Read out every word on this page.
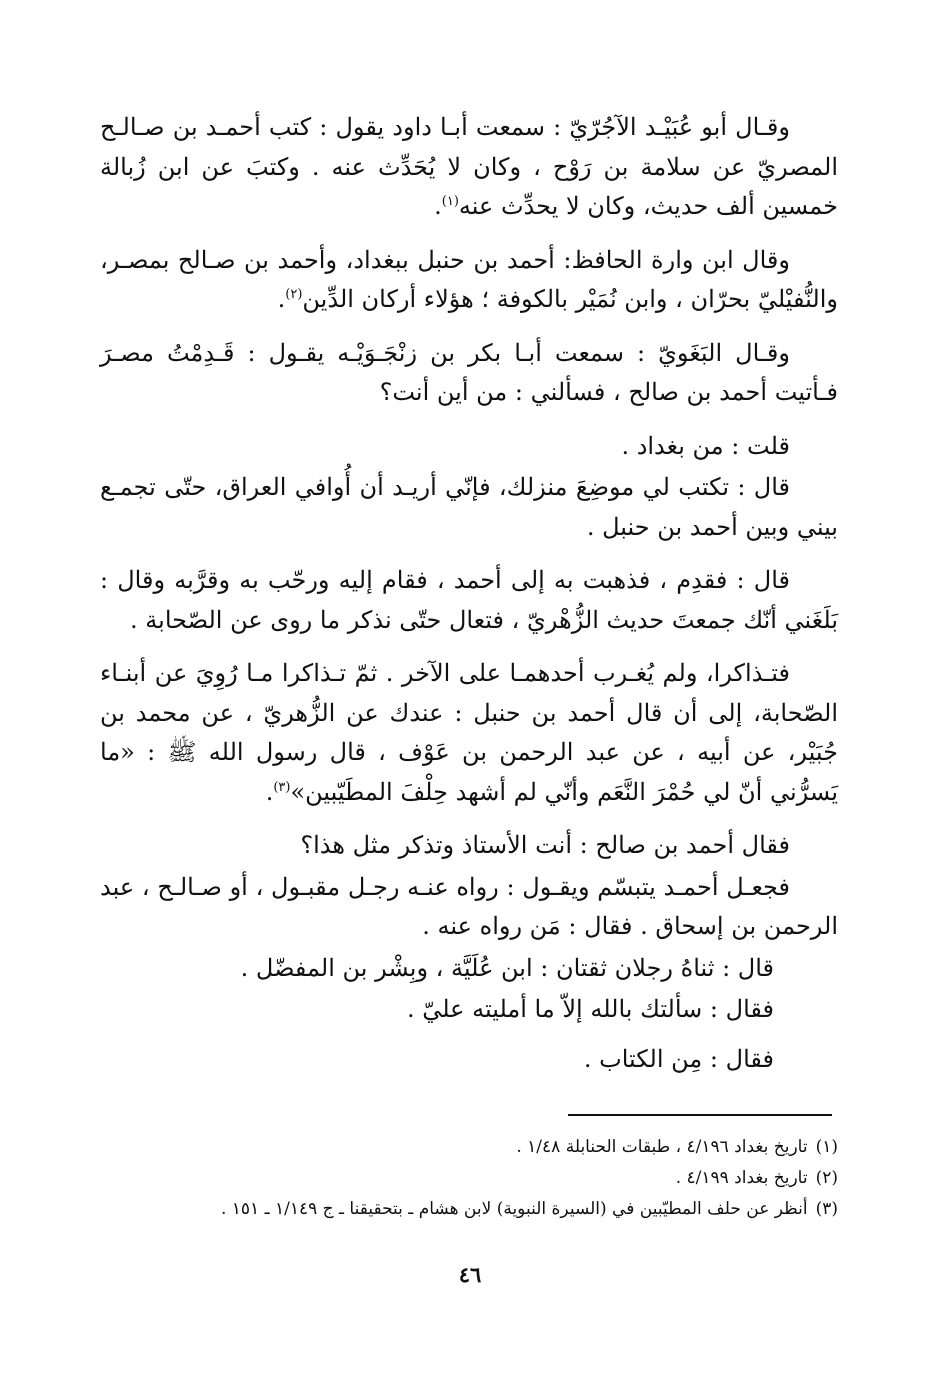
وقـال أبو عُبَيْـد الآجُرّيّ : سمعت أبـا داود يقول : كتب أحمـد بن صـالـح المصريّ عن سلامة بن رَوْح ، وكان لا يُحَدِّث عنه . وكتبَ عن ابن زُبالة خمسين ألف حديث، وكان لا يحدِّث عنه$^{(١)}$.

وقال ابن وارة الحافظ: أحمد بن حنبل ببغداد، وأحمد بن صـالح بمصـر، والنُّفيْليّ بحرّان ، وابن نُمَيْر بالكوفة ؛ هؤلاء أركان الدِّين$^{(٢)}$.

وقـال البَغَويّ : سمعت أبـا بكر بن زنْجَـوَيْـه يقـول : قَـدِمْتُ مصـرَ فـأتيت أحمد بن صالح ، فسألني : من أين أنت؟

قلت : من بغداد .

قال : تكتب لي موضِعَ منزلك، فإنّي أريـد أن أُوافي العراق، حتّى تجمـع بيني وبين أحمد بن حنبل .

قال : فقدِم ، فذهبت به إلى أحمد ، فقام إليه ورحّب به وقرَّبه وقال : بَلَغَني أنّك جمعتَ حديث الزُّهْريّ ، فتعال حتّى نذكر ما روى عن الصّحابة .

فتـذاكرا، ولم يُغـرب أحدهمـا على الآخر . ثمّ تـذاكرا مـا رُوِيَ عن أبنـاء الصّحابة، إلى أن قال أحمد بن حنبل : عندك عن الزُّهريّ ، عن محمد بن جُبَيْر، عن أبيه ، عن عبد الرحمن بن عَوْف ، قال رسول الله ﷺ : «ما يَسرُّني أنّ لي حُمْرَ النَّعَم وأنّي لم أشهد حِلْفَ المطَيّبين»$^{(٣)}$.

فقال أحمد بن صالح : أنت الأستاذ وتذكر مثل هذا؟

فجعـل أحمـد يتبسّم ويقـول : رواه عنـه رجـل مقبـول ، أو صـالـح ، عبد الرحمن بن إسحاق . فقال : مَن رواه عنه .

قال : ثناهُ رجلان ثقتان : ابن عُلَيَّة ، وبِشْر بن المفضّل .

فقال : سألتك بالله إلاّ ما أمليته عليّ .

فقال : مِن الكتاب .

(١)تاريخ بغداد ٤/١٩٦ ، طبقات الحنابلة ١/٤٨ .

(٢)تاريخ بغداد ٤/١٩٩ .

(٣)أنظر عن حلف المطيّبين في (السيرة النبوية) لابن هشام ـ بتحقيقنا ـ ج ١/١٤٩ ـ ١٥١ .

٤٦
